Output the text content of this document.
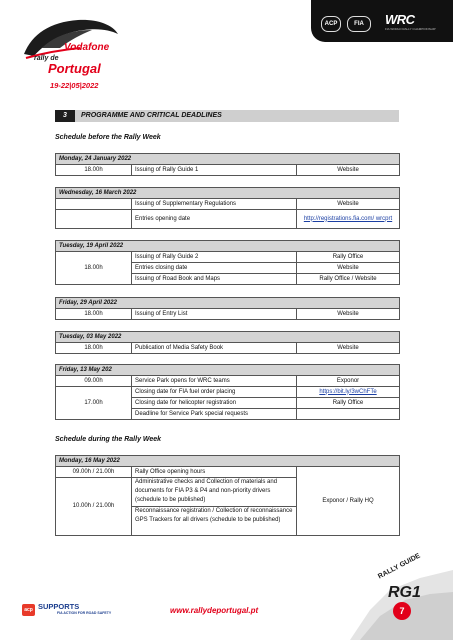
Vodafone
rally de
Portugal
19-22|05|2022
ACP	FIA	WRC
FIA WORLD RALLY CHAMPIONSHIP
3	PROGRAMME AND CRITICAL DEADLINES
Schedule before the Rally Week
Monday, 24 January 2022
18.00h	Issuing of Rally Guide 1	Website
Wednesday, 16 March 2022		
	Issuing of Supplementary Regulations	Website
	Entries opening date	http://registrations.fia.com/ wrcprt
Tuesday, 19 April 2022		
18.00h	Issuing of Rally Guide 2	Rally Office
	Entries closing date	Website
	Issuing of Road Book and Maps	Rally Office / Website
Friday, 29 April 2022
18.00h	Issuing of Entry List	Website
Tuesday, 03 May 2022
18.00h	Publication of Media Safety Book	Website
Friday, 13 May 202		
09.00h	Service Park opens for WRC teams	Exponor
17.00h	Closing date for FIA fuel order placing	https://bit.ly/3wChFTe
	Closing date for helicopter registration	Rally Office
	Deadline for Service Park special requests	
Schedule during the Rally Week
Monday, 16 May 2022		
09.00h / 21.00h	Rally Office opening hours	Exponor / Rally HQ
10.00h / 21.00h	Administrative checks and Collection of materials and documents for FIA P3 & P4 and non-priority drivers (schedule to be published)	
	Reconnaissance registration / Collection of reconnaissance GPS Trackers for all drivers (schedule to be published)	
acp SUPPORTS
FIA ACTION FOR ROAD SAFETY	www.rallydeportugal.pt
RALLY GUIDE
RG1
7
